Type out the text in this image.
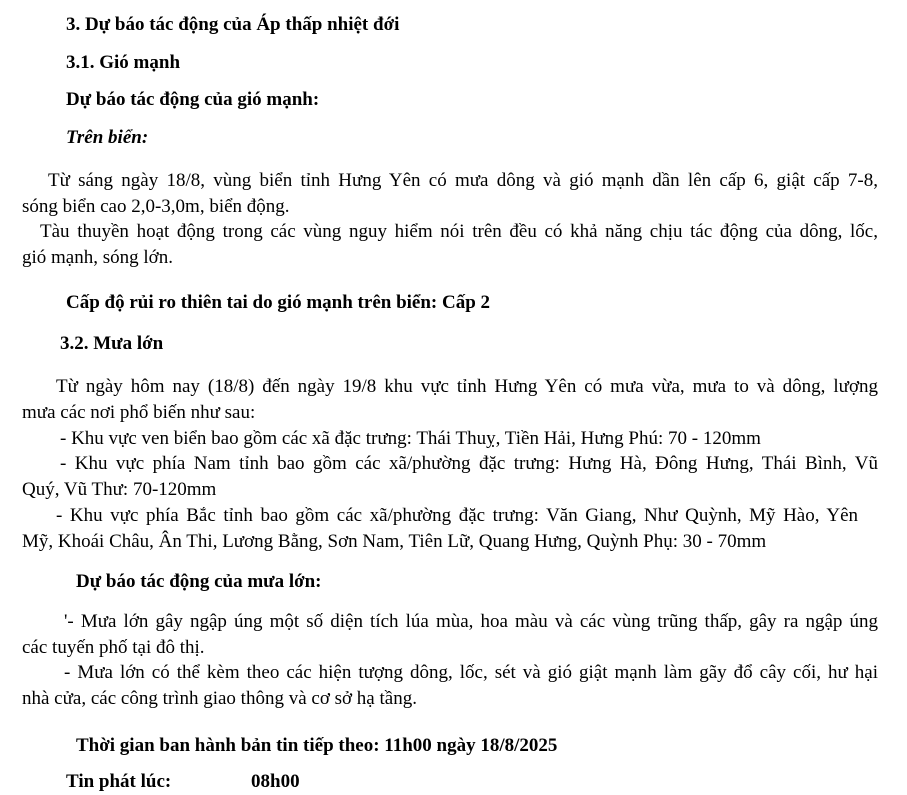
3. Dự báo tác động của Áp thấp nhiệt đới
3.1. Gió mạnh
Dự báo tác động của gió mạnh:
Trên biển:
Từ sáng ngày 18/8, vùng biển tỉnh Hưng Yên có mưa dông và gió mạnh dần lên cấp 6, giật cấp 7-8,
sóng biển cao 2,0-3,0m, biển động.
Tàu thuyền hoạt động trong các vùng nguy hiểm nói trên đều có khả năng chịu tác động của dông, lốc,
gió mạnh, sóng lớn.
Cấp độ rủi ro thiên tai do gió mạnh trên biển: Cấp 2
3.2. Mưa lớn
Từ ngày hôm nay (18/8) đến ngày 19/8 khu vực tỉnh Hưng Yên có mưa vừa, mưa to và dông, lượng
mưa các nơi phổ biến như sau:
- Khu vực ven biển bao gồm các xã đặc trưng: Thái Thuỵ, Tiền Hải, Hưng Phú: 70 - 120mm
- Khu vực phía Nam tỉnh bao gồm các xã/phường đặc trưng: Hưng Hà, Đông Hưng, Thái Bình, Vũ
Quý, Vũ Thư: 70-120mm
- Khu vực phía Bắc tỉnh bao gồm các xã/phường đặc trưng: Văn Giang, Như Quỳnh, Mỹ Hào, Yên
Mỹ, Khoái Châu, Ân Thi, Lương Bằng, Sơn Nam, Tiên Lữ, Quang Hưng, Quỳnh Phụ: 30 - 70mm
Dự báo tác động của mưa lớn:
'- Mưa lớn gây ngập úng một số diện tích lúa mùa, hoa màu và các vùng trũng thấp, gây ra ngập úng
các tuyến phố tại đô thị.
- Mưa lớn có thể kèm theo các hiện tượng dông, lốc, sét và gió giật mạnh làm gãy đổ cây cối, hư hại
nhà cửa, các công trình giao thông và cơ sở hạ tầng.
Thời gian ban hành bản tin tiếp theo: 11h00 ngày 18/8/2025
Tin phát lúc:	08h00
